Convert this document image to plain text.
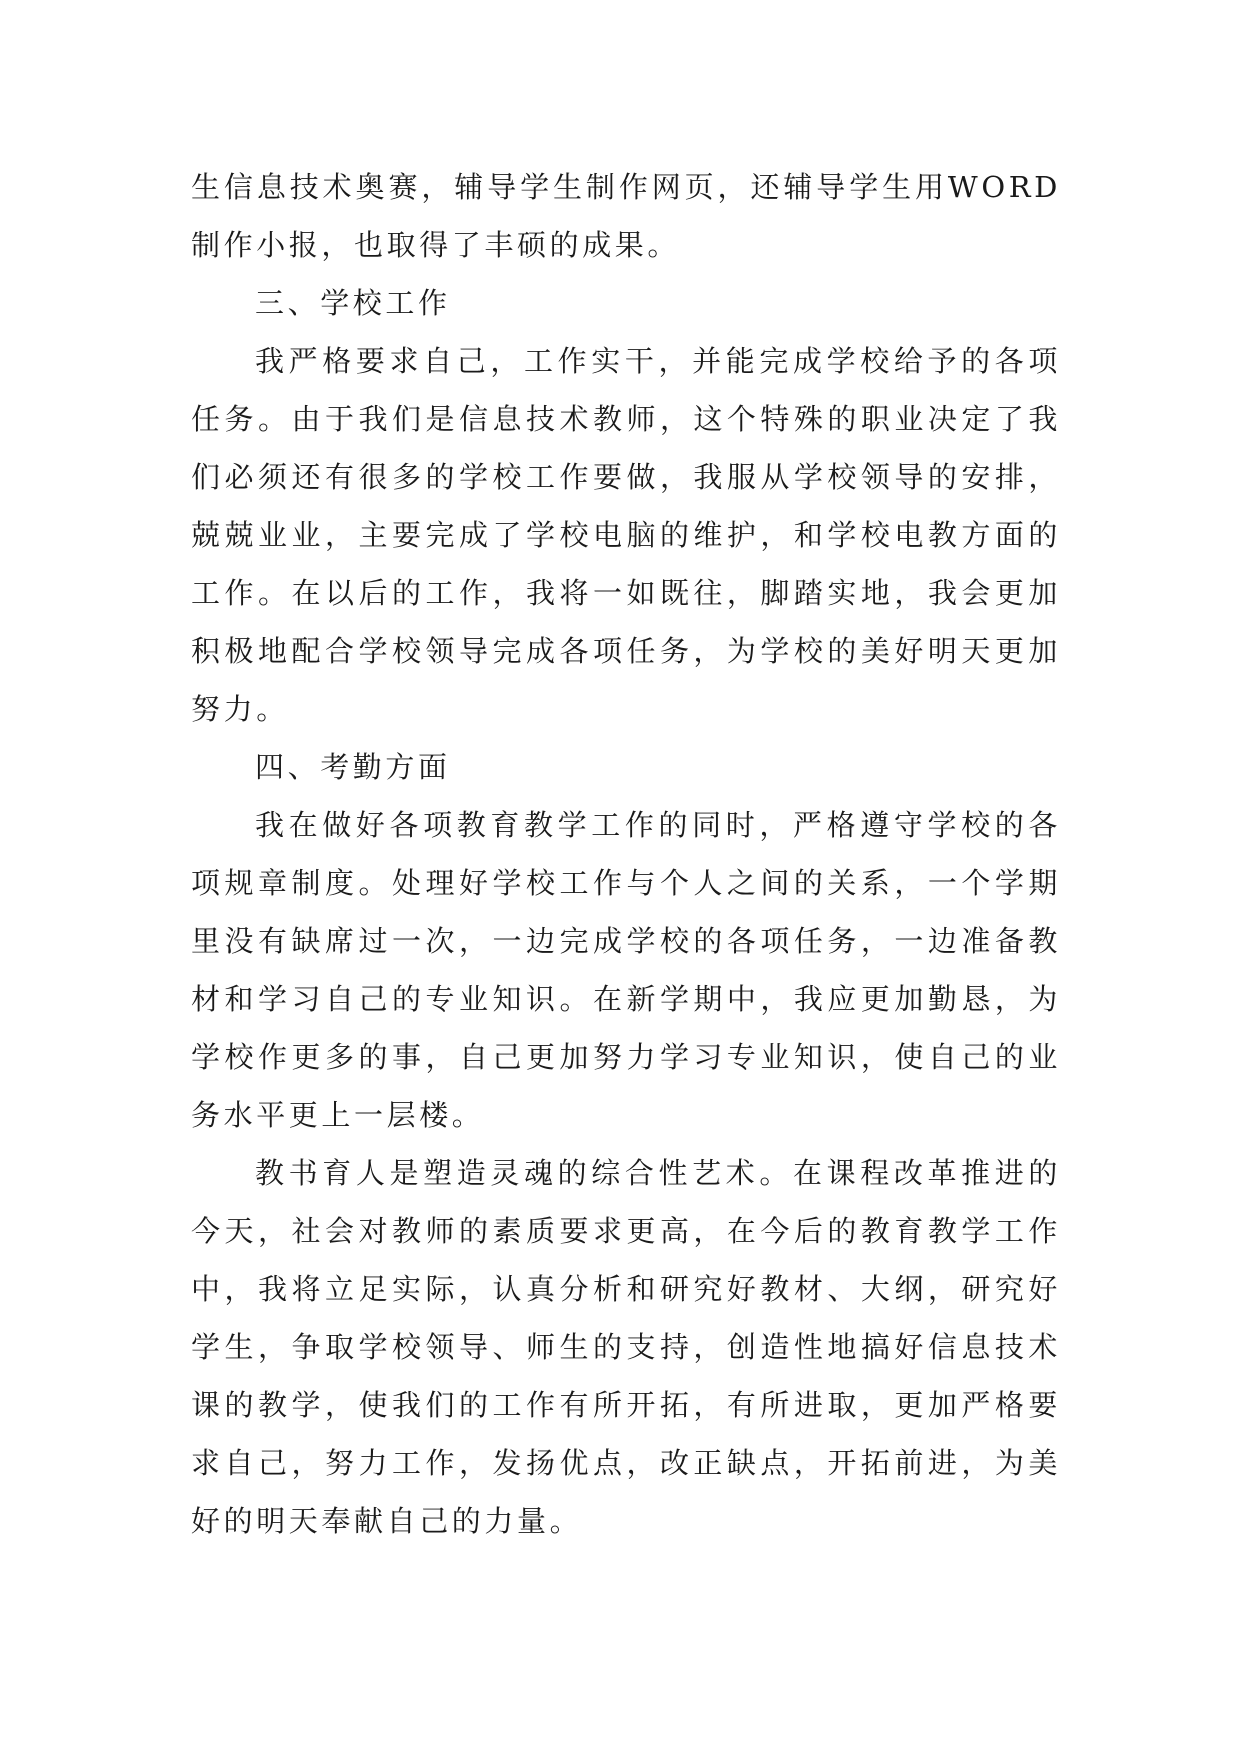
生信息技术奥赛，辅导学生制作网页，还辅导学生用WORD制作小报，也取得了丰硕的成果。

三、学校工作

我严格要求自己，工作实干，并能完成学校给予的各项任务。由于我们是信息技术教师，这个特殊的职业决定了我们必须还有很多的学校工作要做，我服从学校领导的安排，兢兢业业，主要完成了学校电脑的维护，和学校电教方面的工作。在以后的工作，我将一如既往，脚踏实地，我会更加积极地配合学校领导完成各项任务，为学校的美好明天更加努力。

四、考勤方面

我在做好各项教育教学工作的同时，严格遵守学校的各项规章制度。处理好学校工作与个人之间的关系，一个学期里没有缺席过一次，一边完成学校的各项任务，一边准备教材和学习自己的专业知识。在新学期中，我应更加勤恳，为学校作更多的事，自己更加努力学习专业知识，使自己的业务水平更上一层楼。

教书育人是塑造灵魂的综合性艺术。在课程改革推进的今天，社会对教师的素质要求更高，在今后的教育教学工作中，我将立足实际，认真分析和研究好教材、大纲，研究好学生，争取学校领导、师生的支持，创造性地搞好信息技术课的教学，使我们的工作有所开拓，有所进取，更加严格要求自己，努力工作，发扬优点，改正缺点，开拓前进，为美好的明天奉献自己的力量。
